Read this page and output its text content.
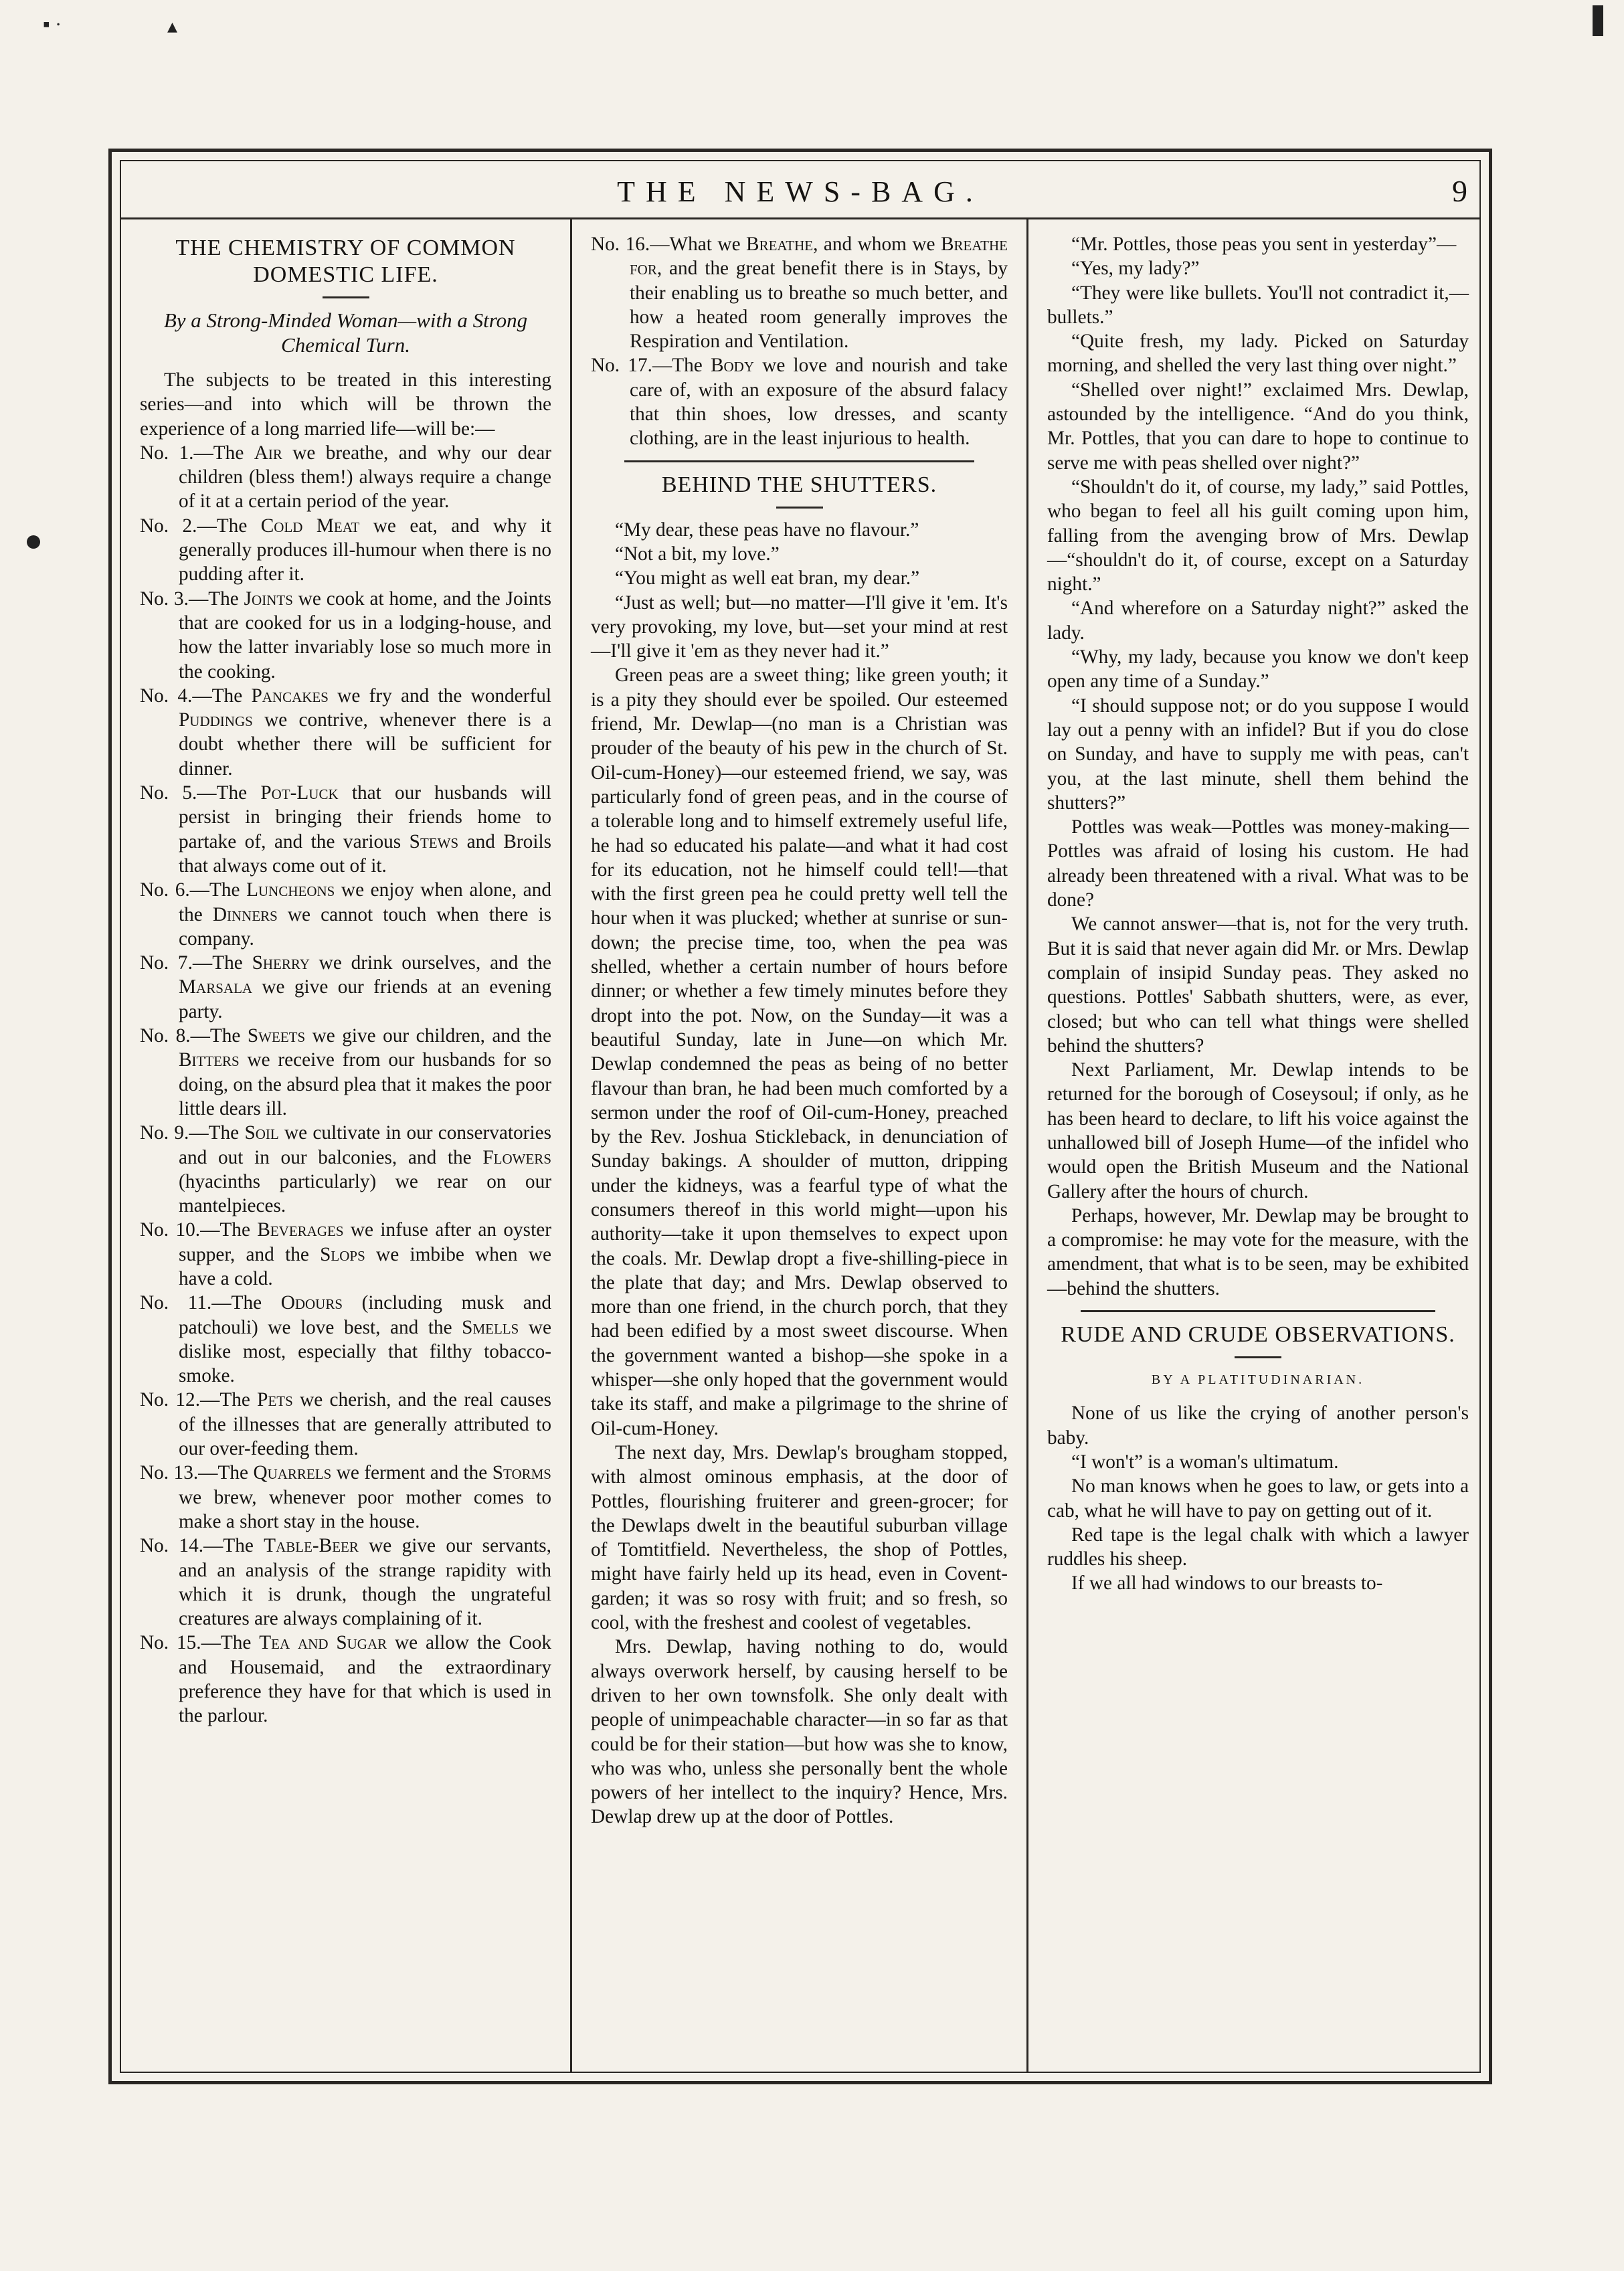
▪ ·	▴
THE NEWS-BAG.	9

THE CHEMISTRY OF COMMON DOMESTIC LIFE.

By a Strong-Minded Woman—with a Strong Chemical Turn.

The subjects to be treated in this interesting series—and into which will be thrown the experience of a long married life—will be:—

No. 1.—The Air we breathe, and why our dear children (bless them!) always require a change of it at a certain period of the year.

No. 2.—The Cold Meat we eat, and why it generally produces ill-humour when there is no pudding after it.

No. 3.—The Joints we cook at home, and the Joints that are cooked for us in a lodging-house, and how the latter invariably lose so much more in the cooking.

No. 4.—The Pancakes we fry and the wonderful Puddings we contrive, whenever there is a doubt whether there will be sufficient for dinner.

No. 5.—The Pot-Luck that our husbands will persist in bringing their friends home to partake of, and the various Stews and Broils that always come out of it.

No. 6.—The Luncheons we enjoy when alone, and the Dinners we cannot touch when there is company.

No. 7.—The Sherry we drink ourselves, and the Marsala we give our friends at an evening party.

No. 8.—The Sweets we give our children, and the Bitters we receive from our husbands for so doing, on the absurd plea that it makes the poor little dears ill.

No. 9.—The Soil we cultivate in our conservatories and out in our balconies, and the Flowers (hyacinths particularly) we rear on our mantelpieces.

No. 10.—The Beverages we infuse after an oyster supper, and the Slops we imbibe when we have a cold.

No. 11.—The Odours (including musk and patchouli) we love best, and the Smells we dislike most, especially that filthy tobacco-smoke.

No. 12.—The Pets we cherish, and the real causes of the illnesses that are generally attributed to our over-feeding them.

No. 13.—The Quarrels we ferment and the Storms we brew, whenever poor mother comes to make a short stay in the house.

No. 14.—The Table-Beer we give our servants, and an analysis of the strange rapidity with which it is drunk, though the ungrateful creatures are always complaining of it.

No. 15.—The Tea and Sugar we allow the Cook and Housemaid, and the extraordinary preference they have for that which is used in the parlour.

No. 16.—What we Breathe, and whom we Breathe for, and the great benefit there is in Stays, by their enabling us to breathe so much better, and how a heated room generally improves the Respiration and Ventilation.

No. 17.—The Body we love and nourish and take care of, with an exposure of the absurd falacy that thin shoes, low dresses, and scanty clothing, are in the least injurious to health.

BEHIND THE SHUTTERS.

“My dear, these peas have no flavour.”

“Not a bit, my love.”

“You might as well eat bran, my dear.”

“Just as well; but—no matter—I'll give it 'em. It's very provoking, my love, but—set your mind at rest—I'll give it 'em as they never had it.”

Green peas are a sweet thing; like green youth; it is a pity they should ever be spoiled. Our esteemed friend, Mr. Dewlap—(no man is a Christian was prouder of the beauty of his pew in the church of St. Oil-cum-Honey)—our esteemed friend, we say, was particularly fond of green peas, and in the course of a tolerable long and to himself extremely useful life, he had so educated his palate—and what it had cost for its education, not he himself could tell!—that with the first green pea he could pretty well tell the hour when it was plucked; whether at sunrise or sun-down; the precise time, too, when the pea was shelled, whether a certain number of hours before dinner; or whether a few timely minutes before they dropt into the pot. Now, on the Sunday—it was a beautiful Sunday, late in June—on which Mr. Dewlap condemned the peas as being of no better flavour than bran, he had been much comforted by a sermon under the roof of Oil-cum-Honey, preached by the Rev. Joshua Stickleback, in denunciation of Sunday bakings. A shoulder of mutton, dripping under the kidneys, was a fearful type of what the consumers thereof in this world might—upon his authority—take it upon themselves to expect upon the coals. Mr. Dewlap dropt a five-shilling-piece in the plate that day; and Mrs. Dewlap observed to more than one friend, in the church porch, that they had been edified by a most sweet discourse. When the government wanted a bishop—she spoke in a whisper—she only hoped that the government would take its staff, and make a pilgrimage to the shrine of Oil-cum-Honey.

The next day, Mrs. Dewlap's brougham stopped, with almost ominous emphasis, at the door of Pottles, flourishing fruiterer and green-grocer; for the Dewlaps dwelt in the beautiful suburban village of Tomtitfield. Nevertheless, the shop of Pottles, might have fairly held up its head, even in Covent-garden; it was so rosy with fruit; and so fresh, so cool, with the freshest and coolest of vegetables.

Mrs. Dewlap, having nothing to do, would always overwork herself, by causing herself to be driven to her own townsfolk. She only dealt with people of unimpeachable character—in so far as that could be for their station—but how was she to know, who was who, unless she personally bent the whole powers of her intellect to the inquiry? Hence, Mrs. Dewlap drew up at the door of Pottles.

“Mr. Pottles, those peas you sent in yesterday”—

“Yes, my lady?”

“They were like bullets. You'll not contradict it,—bullets.”

“Quite fresh, my lady. Picked on Saturday morning, and shelled the very last thing over night.”

“Shelled over night!” exclaimed Mrs. Dewlap, astounded by the intelligence. “And do you think, Mr. Pottles, that you can dare to hope to continue to serve me with peas shelled over night?”

“Shouldn't do it, of course, my lady,” said Pottles, who began to feel all his guilt coming upon him, falling from the avenging brow of Mrs. Dewlap—“shouldn't do it, of course, except on a Saturday night.”

“And wherefore on a Saturday night?” asked the lady.

“Why, my lady, because you know we don't keep open any time of a Sunday.”

“I should suppose not; or do you suppose I would lay out a penny with an infidel? But if you do close on Sunday, and have to supply me with peas, can't you, at the last minute, shell them behind the shutters?”

Pottles was weak—Pottles was money-making—Pottles was afraid of losing his custom. He had already been threatened with a rival. What was to be done?

We cannot answer—that is, not for the very truth. But it is said that never again did Mr. or Mrs. Dewlap complain of insipid Sunday peas. They asked no questions. Pottles' Sabbath shutters, were, as ever, closed; but who can tell what things were shelled behind the shutters?

Next Parliament, Mr. Dewlap intends to be returned for the borough of Coseysoul; if only, as he has been heard to declare, to lift his voice against the unhallowed bill of Joseph Hume—of the infidel who would open the British Museum and the National Gallery after the hours of church.

Perhaps, however, Mr. Dewlap may be brought to a compromise: he may vote for the measure, with the amendment, that what is to be seen, may be exhibited—behind the shutters.

RUDE AND CRUDE OBSERVATIONS.

BY A PLATITUDINARIAN.

None of us like the crying of another person's baby.

“I won't” is a woman's ultimatum.

No man knows when he goes to law, or gets into a cab, what he will have to pay on getting out of it.

Red tape is the legal chalk with which a lawyer ruddles his sheep.

If we all had windows to our breasts to-
